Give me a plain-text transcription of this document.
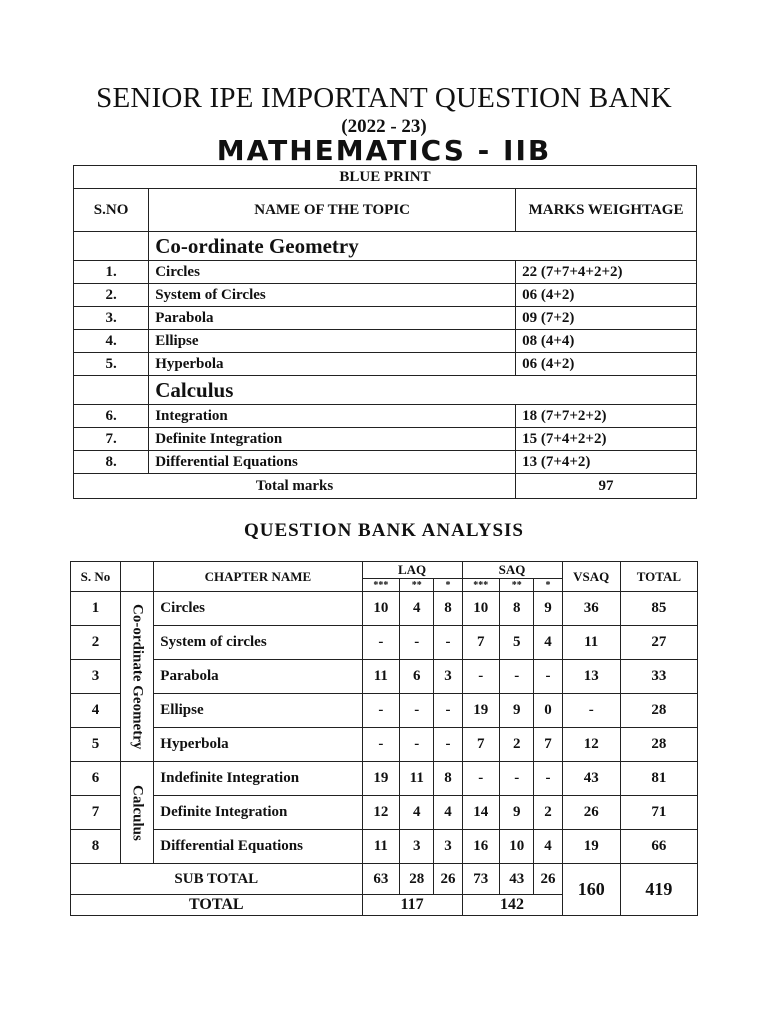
SENIOR IPE IMPORTANT QUESTION BANK
(2022 - 23)
MATHEMATICS - IIB
BLUE PRINT		
S.NO	NAME OF THE TOPIC	MARKS WEIGHTAGE
	Co-ordinate Geometry	
1.	Circles	22 (7+7+4+2+2)
2.	System of Circles	06 (4+2)
3.	Parabola	09 (7+2)
4.	Ellipse	08 (4+4)
5.	Hyperbola	06 (4+2)
	Calculus	
6.	Integration	18 (7+7+2+2)
7.	Definite Integration	15 (7+4+2+2)
8.	Differential Equations	13 (7+4+2)
Total marks		97
QUESTION BANK ANALYSIS
S. No		CHAPTER NAME	LAQ			SAQ			VSAQ	TOTAL
			***	**	*	***	**	*		
1	Co-ordinate Geometry	Circles	10	4	8	10	8	9	36	85
2		System of circles	-	-	-	7	5	4	11	27
3		Parabola	11	6	3	-	-	-	13	33
4		Ellipse	-	-	-	19	9	0	-	28
5		Hyperbola	-	-	-	7	2	7	12	28
6	Calculus	Indefinite Integration	19	11	8	-	-	-	43	81
7		Definite Integration	12	4	4	14	9	2	26	71
8		Differential Equations	11	3	3	16	10	4	19	66
SUB TOTAL			63	28	26	73	43	26	160	419
TOTAL			117			142				
